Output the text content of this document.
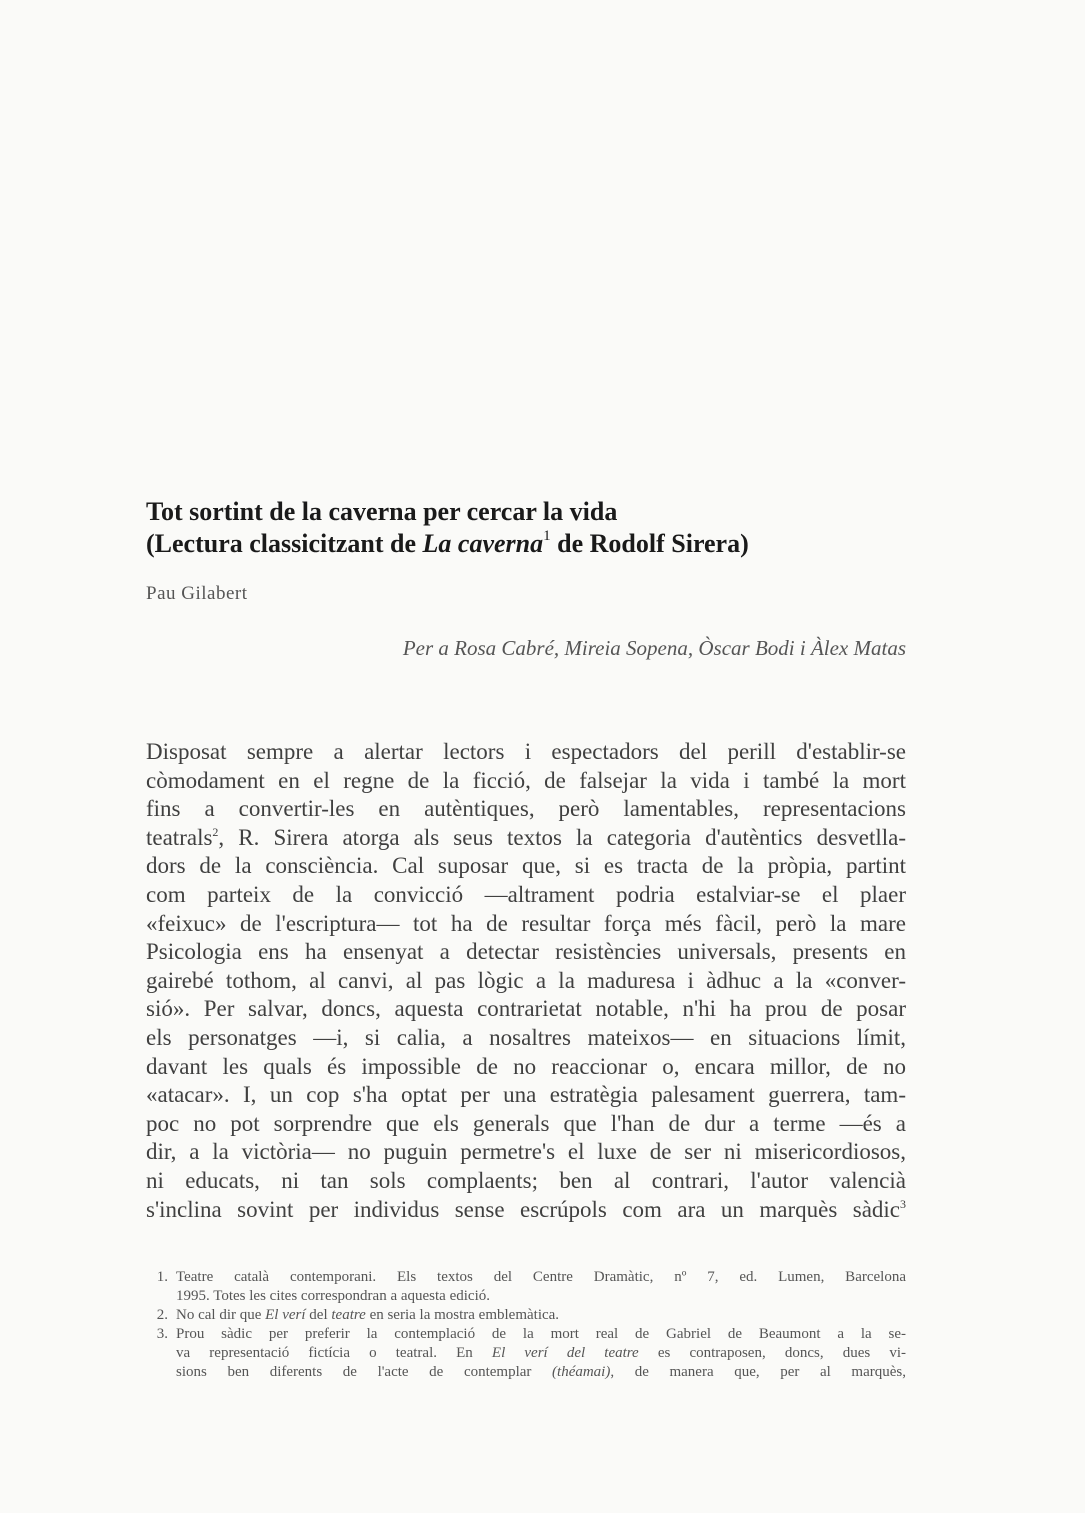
Tot sortint de la caverna per cercar la vida
(Lectura classicitzant de La caverna$^1$ de Rodolf Sirera)

Pau Gilabert

Per a Rosa Cabré, Mireia Sopena, Òscar Bodi i Àlex Matas

Disposat sempre a alertar lectors i espectadors del perill d'establir-se
còmodament en el regne de la ficció, de falsejar la vida i també la mort
fins a convertir-les en autèntiques, però lamentables, representacions
teatrals$^2$, R. Sirera atorga als seus textos la categoria d'autèntics desvetlla-
dors de la consciència. Cal suposar que, si es tracta de la pròpia, partint
com parteix de la convicció —altrament podria estalviar-se el plaer
«feixuc» de l'escriptura— tot ha de resultar força més fàcil, però la mare
Psicologia ens ha ensenyat a detectar resistències universals, presents en
gairebé tothom, al canvi, al pas lògic a la maduresa i àdhuc a la «conver-
sió». Per salvar, doncs, aquesta contrarietat notable, n'hi ha prou de posar
els personatges —i, si calia, a nosaltres mateixos— en situacions límit,
davant les quals és impossible de no reaccionar o, encara millor, de no
«atacar». I, un cop s'ha optat per una estratègia palesament guerrera, tam-
poc no pot sorprendre que els generals que l'han de dur a terme —és a
dir, a la victòria— no puguin permetre's el luxe de ser ni misericordiosos,
ni educats, ni tan sols complaents; ben al contrari, l'autor valencià
s'inclina sovint per individus sense escrúpols com ara un marquès sàdic$^3$
1. Teatre català contemporani. Els textos del Centre Dramàtic, nº 7, ed. Lumen, Barcelona
1995. Totes les cites correspondran a aquesta edició.
2. No cal dir que El verí del teatre en seria la mostra emblemàtica.
3. Prou sàdic per preferir la contemplació de la mort real de Gabriel de Beaumont a la se-
va representació fictícia o teatral. En El verí del teatre es contraposen, doncs, dues vi-
sions ben diferents de l'acte de contemplar (théamai), de manera que, per al marquès,
